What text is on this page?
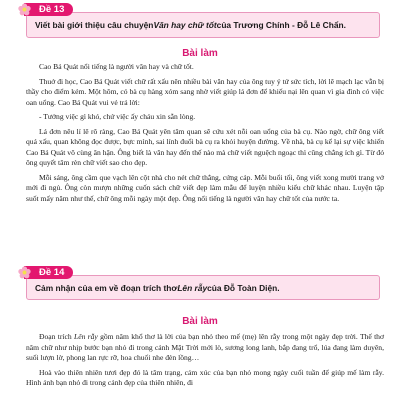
Đề 13
Viết bài giới thiệu câu chuyện Văn hay chữ tốt của Trương Chính - Đỗ Lê Chẩn.
Bài làm

Cao Bá Quát nổi tiếng là người văn hay và chữ tốt.

Thuở đi học, Cao Bá Quát viết chữ rất xấu nên nhiều bài văn hay của ông tuy ý tứ sức tích, lời lẽ mạch lạc vẫn bị thầy cho điểm kém. Một hôm, có bà cụ hàng xóm sang nhờ viết giúp lá đơn để khiếu nại lên quan vì gia đình có việc oan uổng. Cao Bá Quát vui vẻ trả lời:

- Tưởng việc gì khó, chứ việc ấy cháu xin sẵn lòng.

Lá đơn nêu lí lẽ rõ ràng, Cao Bá Quát yên tâm quan sẽ cứu xét nỗi oan uổng của bà cụ. Nào ngờ, chữ ông viết quá xấu, quan không đọc được, bực mình, sai lính đuổi bà cụ ra khỏi huyện đường. Về nhà, bà cụ kể lại sự việc khiến Cao Bá Quát vô cùng ân hận. Ông biết là văn hay đến thế nào mà chữ viết nguệch ngoạc thì cũng chẳng ích gì. Từ đó ông quyết tâm rèn chữ viết sao cho đẹp.

Mỗi sáng, ông cầm que vạch lên cột nhà cho nét chữ thẳng, cứng cáp. Mỗi buổi tối, ông viết xong mười trang vở mới đi ngủ. Ông còn mượn những cuốn sách chữ viết đẹp làm mẫu để luyện nhiều kiểu chữ khác nhau. Luyện tập suốt mấy năm như thế, chữ ông mỗi ngày một đẹp. Ông nổi tiếng là người văn hay chữ tốt của nước ta.

Đề 14
Cảm nhận của em về đoạn trích thơ Lên rẫy của Đỗ Toàn Diện.
Bài làm

Đoạn trích Lên rẫy gồm năm khổ thơ là lời của bạn nhỏ theo mế (mẹ) lên rẫy trong một ngày đẹp trời. Thế thơ năm chữ như nhịp bước bạn nhỏ đi trong cảnh Mặt Trời mới lò, sương long lanh, bắp đang trổ, lúa đang làm duyên, suối lượn lờ, phong lan rực rỡ, hoa chuối nhe đèn lồng…

Hoà vào thiên nhiên tươi đẹp đó là tâm trạng, cảm xúc của bạn nhỏ mong ngày cuối tuần để giúp mế làm rẫy. Hình ảnh bạn nhỏ đi trong cảnh đẹp của thiên nhiên, đi
